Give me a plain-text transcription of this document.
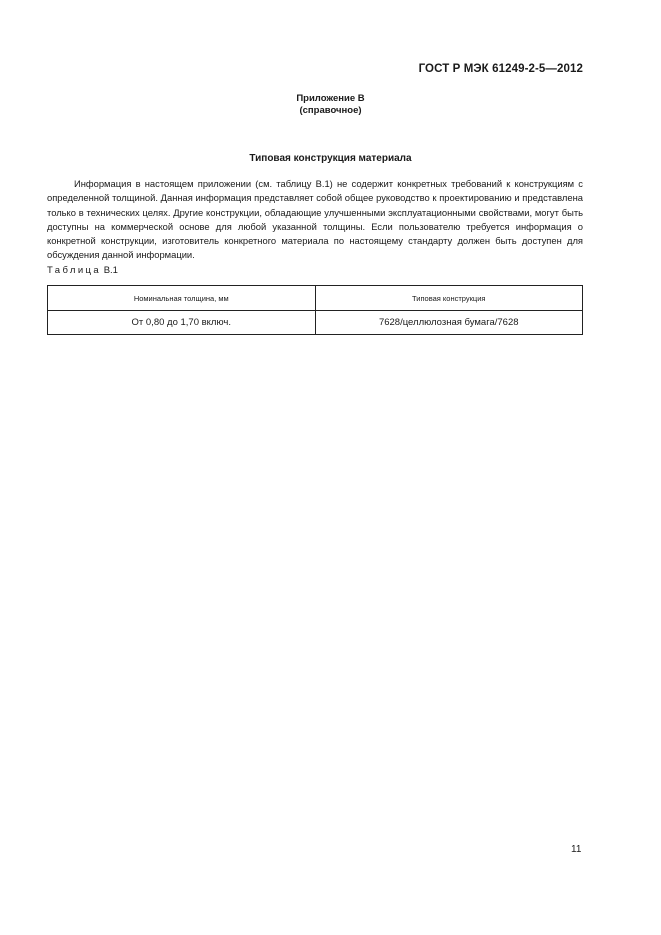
ГОСТ Р МЭК 61249-2-5—2012
Приложение В
(справочное)
Типовая конструкция материала

Информация в настоящем приложении (см. таблицу В.1) не содержит конкретных требований к конструкциям с определенной толщиной. Данная информация представляет собой общее руководство к проектированию и представлена только в технических целях. Другие конструкции, обладающие улучшенными эксплуатационными свойствами, могут быть доступны на коммерческой основе для любой указанной толщины. Если пользователю требуется информация о конкретной конструкции, изготовитель конкретного материала по настоящему стандарту должен быть доступен для обсуждения данной информации.

Таблица В.1
Номинальная толщина, мм	Типовая конструкция
От 0,80 до 1,70 включ.	7628/целлюлозная бумага/7628
11
